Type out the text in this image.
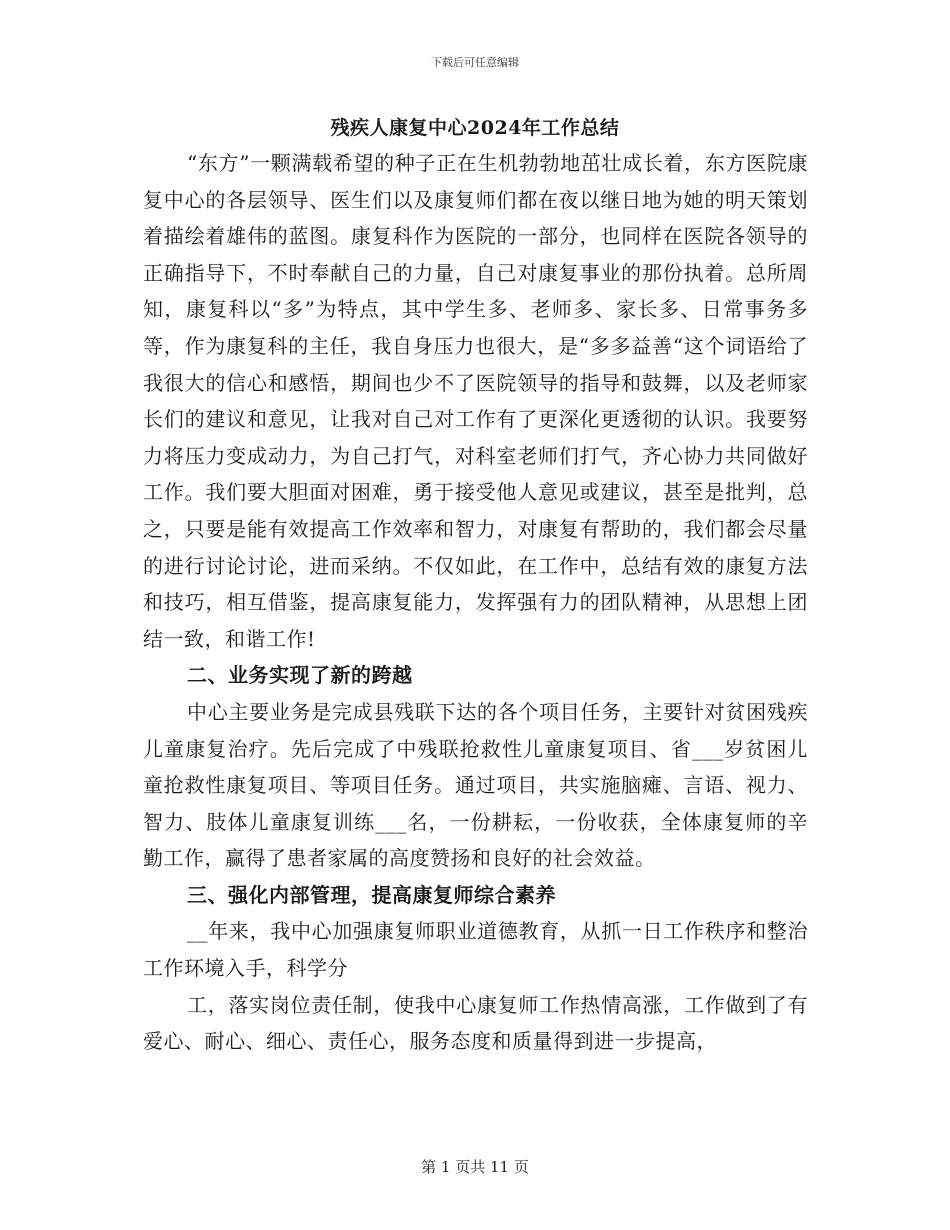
下载后可任意编辑
残疾人康复中心2024年工作总结

“东方”一颗满载希望的种子正在生机勃勃地茁壮成长着，东方医院康复中心的各层领导、医生们以及康复师们都在夜以继日地为她的明天策划着描绘着雄伟的蓝图。康复科作为医院的一部分，也同样在医院各领导的正确指导下，不时奉献自己的力量，自己对康复事业的那份执着。总所周知，康复科以“多”为特点，其中学生多、老师多、家长多、日常事务多等，作为康复科的主任，我自身压力也很大，是“多多益善“这个词语给了我很大的信心和感悟，期间也少不了医院领导的指导和鼓舞，以及老师家长们的建议和意见，让我对自己对工作有了更深化更透彻的认识。我要努力将压力变成动力，为自己打气，对科室老师们打气，齐心协力共同做好工作。我们要大胆面对困难，勇于接受他人意见或建议，甚至是批判，总之，只要是能有效提高工作效率和智力，对康复有帮助的，我们都会尽量的进行讨论讨论，进而采纳。不仅如此，在工作中，总结有效的康复方法和技巧，相互借鉴，提高康复能力，发挥强有力的团队精神，从思想上团结一致，和谐工作!

二、业务实现了新的跨越

中心主要业务是完成县残联下达的各个项目任务，主要针对贫困残疾儿童康复治疗。先后完成了中残联抢救性儿童康复项目、省___岁贫困儿童抢救性康复项目、等项目任务。通过项目，共实施脑瘫、言语、视力、智力、肢体儿童康复训练___名，一份耕耘，一份收获，全体康复师的辛勤工作，赢得了患者家属的高度赞扬和良好的社会效益。

三、强化内部管理，提高康复师综合素养

__年来，我中心加强康复师职业道德教育，从抓一日工作秩序和整治工作环境入手，科学分

工，落实岗位责任制，使我中心康复师工作热情高涨，工作做到了有爱心、耐心、细心、责任心，服务态度和质量得到进一步提高，

第 1 页共 11 页
